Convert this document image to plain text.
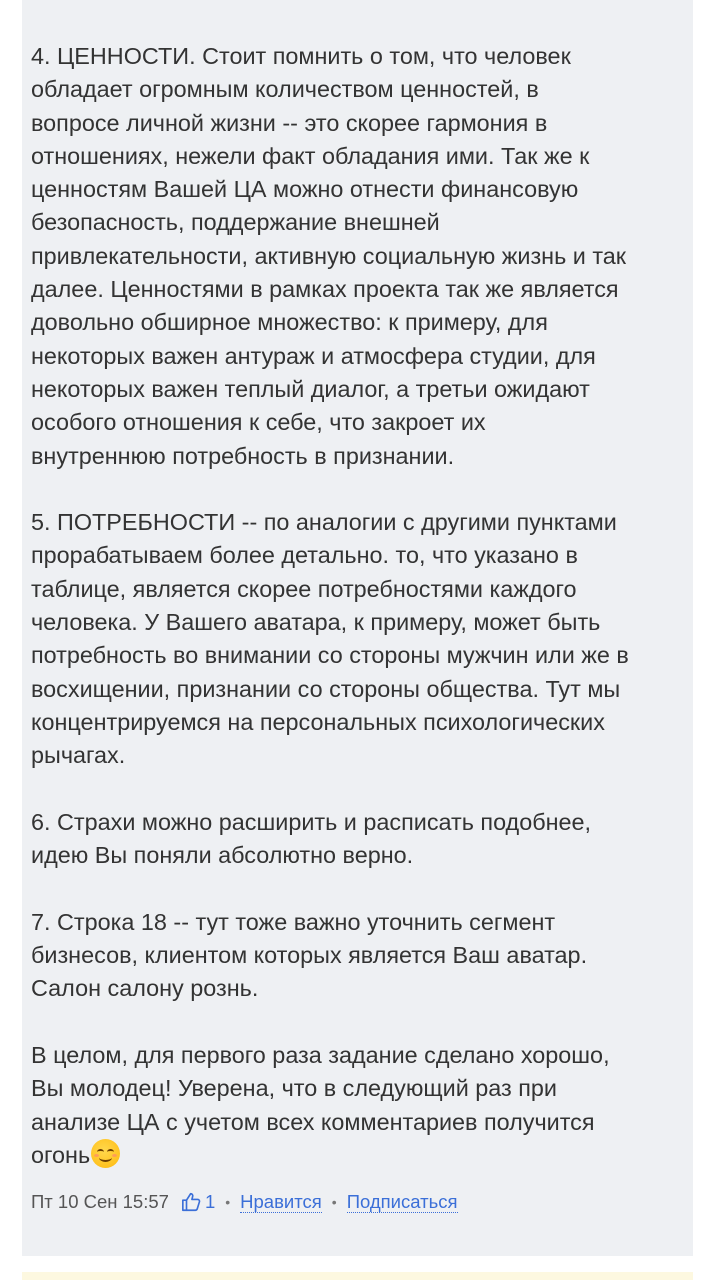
4. ЦЕННОСТИ. Стоит помнить о том, что человек
обладает огромным количеством ценностей, в
вопросе личной жизни -- это скорее гармония в
отношениях, нежели факт обладания ими. Так же к
ценностям Вашей ЦА можно отнести финансовую
безопасность, поддержание внешней
привлекательности, активную социальную жизнь и так
далее. Ценностями в рамках проекта так же является
довольно обширное множество: к примеру, для
некоторых важен антураж и атмосфера студии, для
некоторых важен теплый диалог, а третьи ожидают
особого отношения к себе, что закроет их
внутреннюю потребность в признании.
5. ПОТРЕБНОСТИ -- по аналогии с другими пунктами
прорабатываем более детально. то, что указано в
таблице, является скорее потребностями каждого
человека. У Вашего аватара, к примеру, может быть
потребность во внимании со стороны мужчин или же в
восхищении, признании со стороны общества. Тут мы
концентрируемся на персональных психологических
рычагах.
6. Страхи можно расширить и расписать подобнее,
идею Вы поняли абсолютно верно.
7. Строка 18 -- тут тоже важно уточнить сегмент
бизнесов, клиентом которых является Ваш аватар.
Салон салону рознь.
В целом, для первого раза задание сделано хорошо,
Вы молодец! Уверена, что в следующий раз при
анализе ЦА с учетом всех комментариев получится
огонь
Пт 10 Сен 15:57 1 • Нравится • Подписаться
